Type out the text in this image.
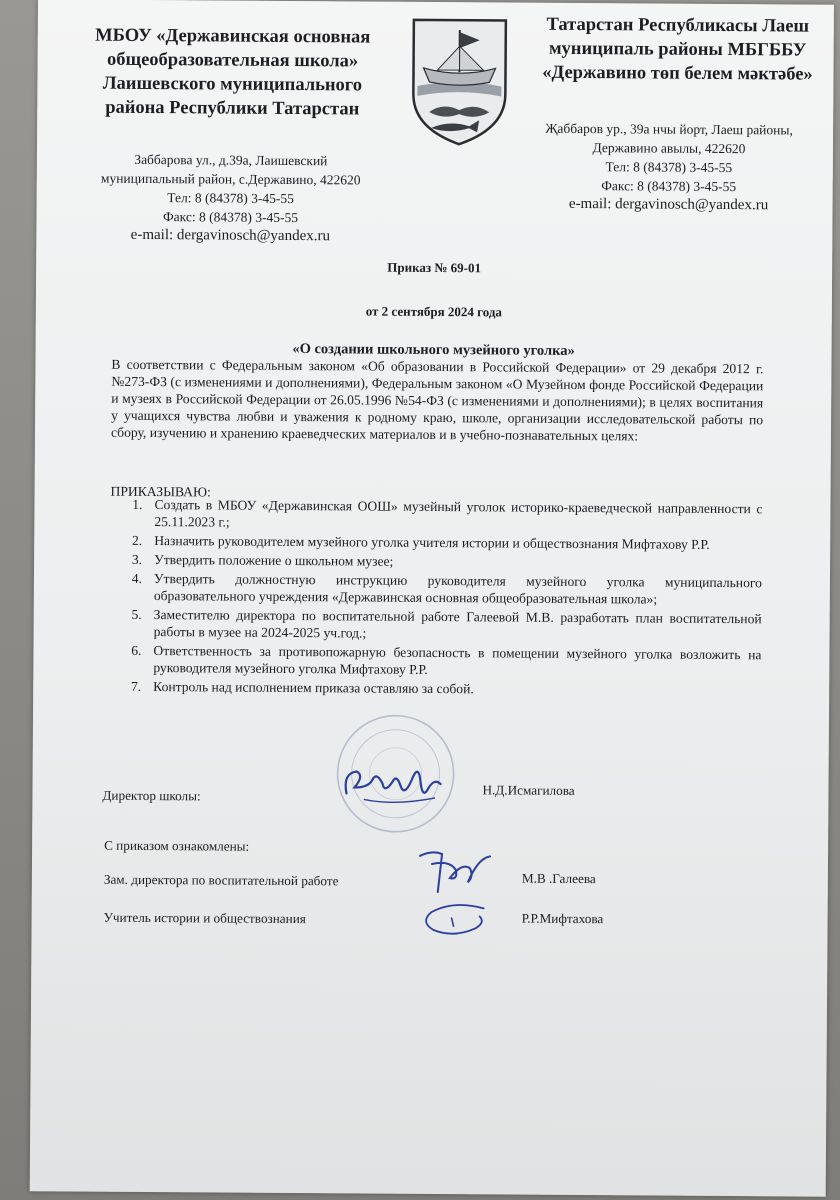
МБОУ «Державинская основная
общеобразовательная школа»
Лаишевского муниципального
района Республики Татарстан
Татарстан Республикасы Лаеш
муниципаль районы МБГББУ
«Державино төп белем мәктәбе»
Заббарова ул., д.39а, Лаишевский
муниципальный район, с.Державино, 422620
Тел: 8 (84378) 3-45-55
Факс: 8 (84378) 3-45-55
e-mail: dergavinosch@yandex.ru
Җаббаров ур., 39а нчы йорт, Лаеш районы,
Державино авылы, 422620
Тел: 8 (84378) 3-45-55
Факс: 8 (84378) 3-45-55
e-mail: dergavinosch@yandex.ru
Приказ № 69-01
от 2 сентября 2024 года
«О создании школьного музейного уголка»
В соответствии с Федеральным законом «Об образовании в Российской Федерации» от 29 декабря 2012 г. №273-ФЗ (с изменениями и дополнениями), Федеральным законом «О Музейном фонде Российской Федерации и музеях в Российской Федерации от 26.05.1996 №54-ФЗ (с изменениями и дополнениями); в целях воспитания у учащихся чувства любви и уважения к родному краю, школе, организации исследовательской работы по сбору, изучению и хранению краеведческих материалов и в учебно-познавательных целях:
ПРИКАЗЫВАЮ:
1. Создать в МБОУ «Державинская ООШ» музейный уголок историко-краеведческой направленности с 25.11.2023 г.;
2. Назначить руководителем музейного уголка учителя истории и обществознания Мифтахову Р.Р.
3. Утвердить положение о школьном музее;
4. Утвердить должностную инструкцию руководителя музейного уголка муниципального образовательного учреждения «Державинская основная общеобразовательная школа»;
5. Заместителю директора по воспитательной работе Галеевой М.В. разработать план воспитательной работы в музее на 2024-2025 уч.год.;
6. Ответственность за противопожарную безопасность в помещении музейного уголка возложить на руководителя музейного уголка Мифтахову Р.Р.
7. Контроль над исполнением приказа оставляю за собой.
Директор школы:	Н.Д.Исмагилова
С приказом ознакомлены:
Зам. директора по воспитательной работе	М.В .Галеева
Учитель истории и обществознания	Р.Р.Мифтахова
